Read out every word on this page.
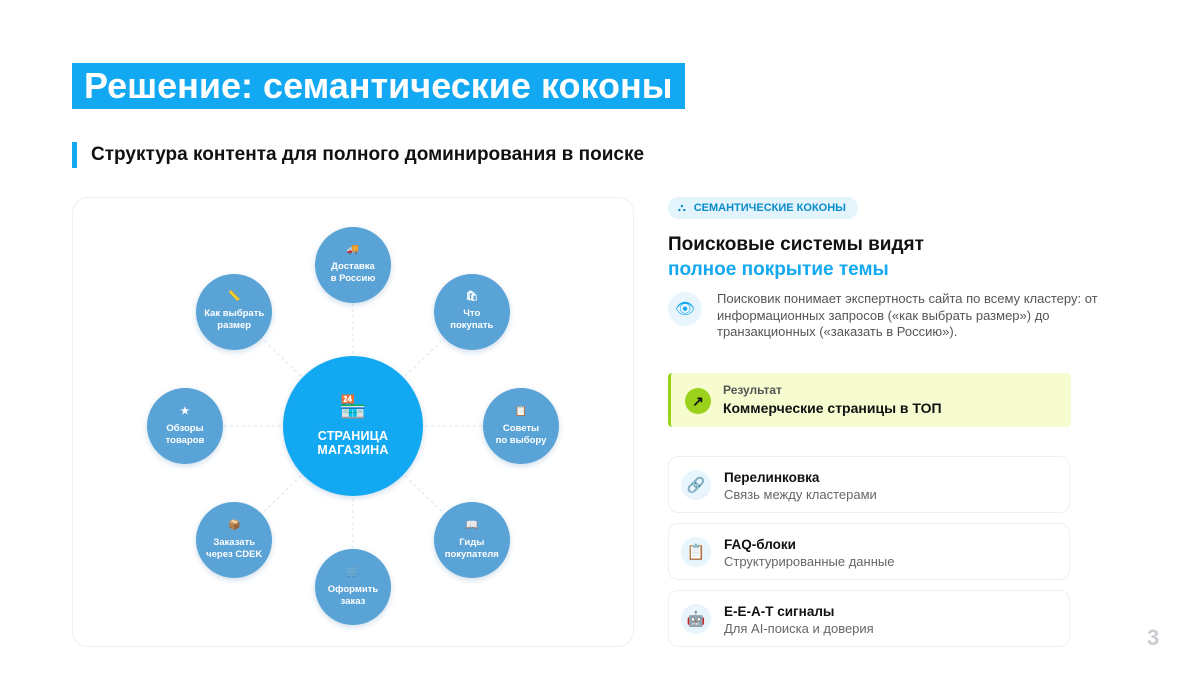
Решение: семантические коконы
Структура контента для полного доминирования в поиске
🏪
СТРАНИЦА
МАГАЗИНА
🚚
Доставка
в Россию
🛍
Что
покупать
📋
Советы
по выбору
📖
Гиды
покупателя
🛒
Оформить
заказ
📦
Заказать
через CDEK
★
Обзоры
товаров
📏
Как выбрать
размер
⛬ СЕМАНТИЧЕСКИЕ КОКОНЫ
Поисковые системы видят
полное покрытие темы
👁
Поисковик понимает экспертность сайта по всему кластеру: от информационных запросов («как выбрать размер») до транзакционных («заказать в Россию»).
↗
Результат
Коммерческие страницы в ТОП
🔗	Перелинковка
Связь между кластерами
📋	FAQ-блоки
Структурированные данные
🤖	E-E-A-T сигналы
Для AI-поиска и доверия	3
